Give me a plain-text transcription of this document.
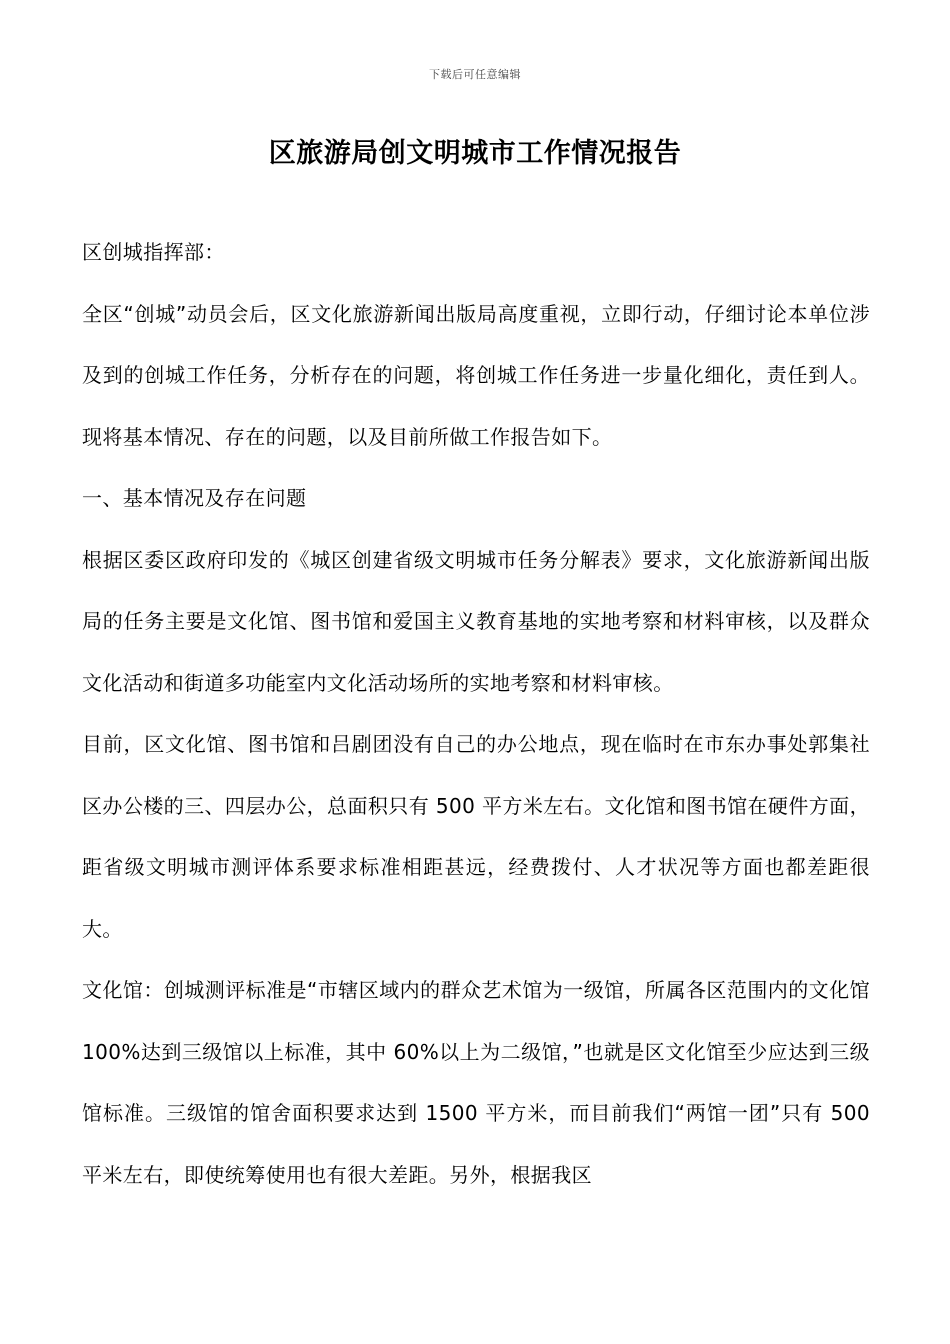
下载后可任意编辑
区旅游局创文明城市工作情况报告

区创城指挥部：

全区“创城”动员会后，区文化旅游新闻出版局高度重视，立即行动，仔细讨论本单位涉及到的创城工作任务，分析存在的问题，将创城工作任务进一步量化细化，责任到人。现将基本情况、存在的问题，以及目前所做工作报告如下。

一、基本情况及存在问题

根据区委区政府印发的《城区创建省级文明城市任务分解表》要求，文化旅游新闻出版局的任务主要是文化馆、图书馆和爱国主义教育基地的实地考察和材料审核，以及群众文化活动和街道多功能室内文化活动场所的实地考察和材料审核。

目前，区文化馆、图书馆和吕剧团没有自己的办公地点，现在临时在市东办事处郭集社区办公楼的三、四层办公，总面积只有 500 平方米左右。文化馆和图书馆在硬件方面，距省级文明城市测评体系要求标准相距甚远，经费拨付、人才状况等方面也都差距很大。

文化馆：创城测评标准是“市辖区域内的群众艺术馆为一级馆，所属各区范围内的文化馆 100%达到三级馆以上标准，其中 60%以上为二级馆，”也就是区文化馆至少应达到三级馆标准。三级馆的馆舍面积要求达到 1500 平方米，而目前我们“两馆一团”只有 500 平米左右，即使统筹使用也有很大差距。另外，根据我区
